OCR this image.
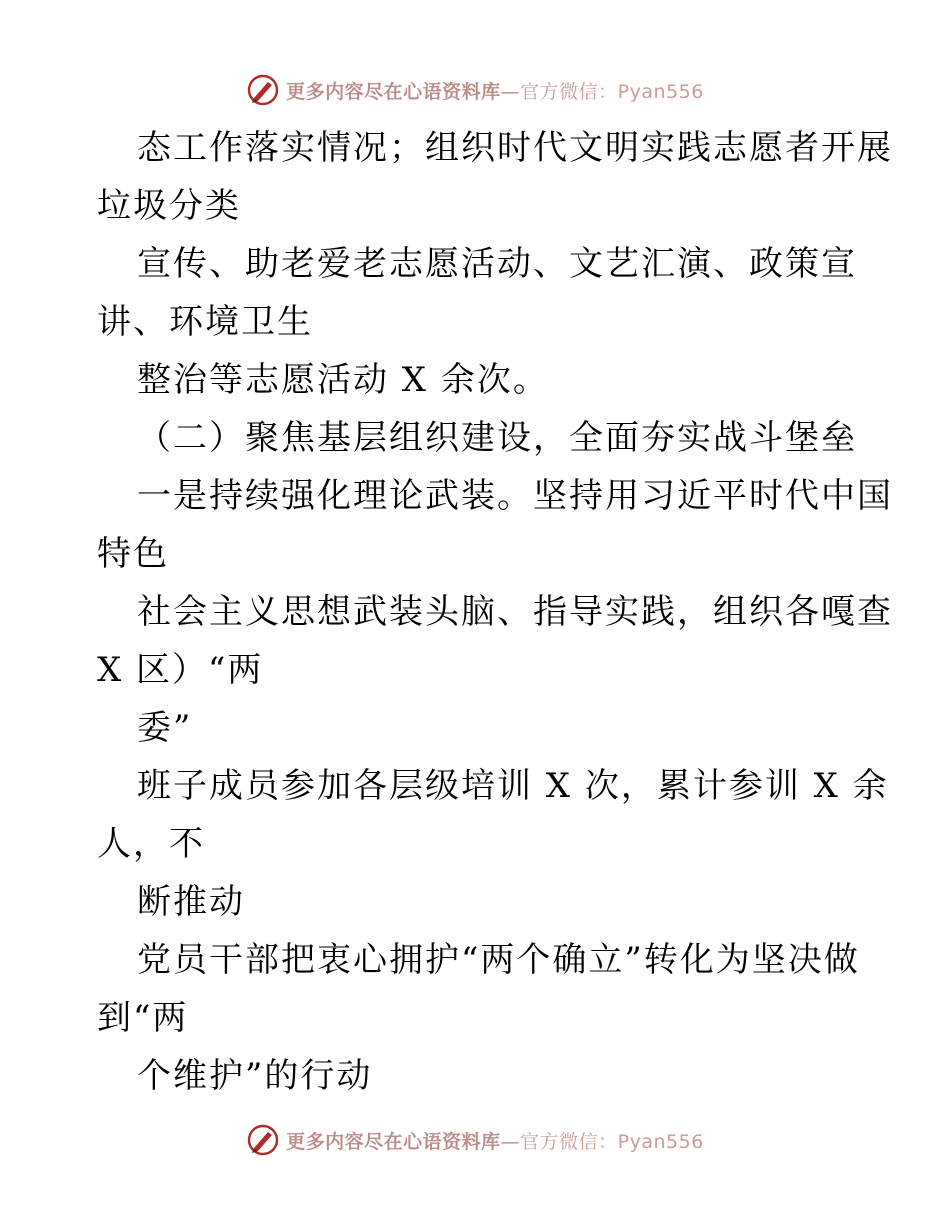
更多内容尽在心语资料库—官方微信：Pyan556
态工作落实情况；组织时代文明实践志愿者开展
垃圾分类
宣传、助老爱老志愿活动、文艺汇演、政策宣
讲、环境卫生
整治等志愿活动 X 余次。
（二）聚焦基层组织建设，全面夯实战斗堡垒
一是持续强化理论武装。坚持用习近平时代中国
特色
社会主义思想武装头脑、指导实践，组织各嘎查
X 区）“两
委”
班子成员参加各层级培训 X 次，累计参训 X 余
人，不
断推动
党员干部把衷心拥护“两个确立”转化为坚决做
到“两
个维护”的行动
更多内容尽在心语资料库—官方微信：Pyan556
